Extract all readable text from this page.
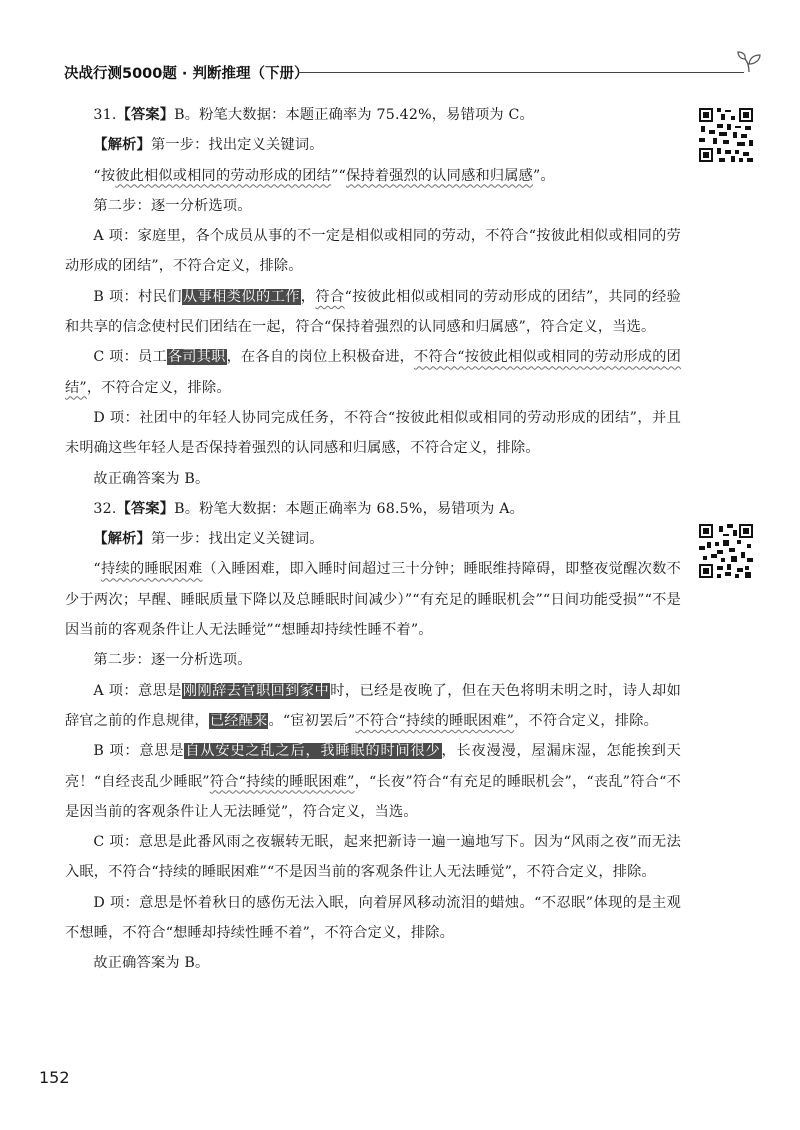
决战行测5000题 · 判断推理（下册）

31.【答案】B。粉笔大数据：本题正确率为 75.42%，易错项为 C。

【解析】第一步：找出定义关键词。

“按彼此相似或相同的劳动形成的团结”“保持着强烈的认同感和归属感”。

第二步：逐一分析选项。

A 项：家庭里，各个成员从事的不一定是相似或相同的劳动，不符合“按彼此相似或相同的劳动形成的团结”，不符合定义，排除。

B 项：村民们从事相类似的工作，符合“按彼此相似或相同的劳动形成的团结”，共同的经验和共享的信念使村民们团结在一起，符合“保持着强烈的认同感和归属感”，符合定义，当选。

C 项：员工各司其职，在各自的岗位上积极奋进，不符合“按彼此相似或相同的劳动形成的团结”，不符合定义，排除。

D 项：社团中的年轻人协同完成任务，不符合“按彼此相似或相同的劳动形成的团结”，并且未明确这些年轻人是否保持着强烈的认同感和归属感，不符合定义，排除。

故正确答案为 B。

32.【答案】B。粉笔大数据：本题正确率为 68.5%，易错项为 A。

【解析】第一步：找出定义关键词。

“持续的睡眠困难（入睡困难，即入睡时间超过三十分钟；睡眠维持障碍，即整夜觉醒次数不少于两次；早醒、睡眠质量下降以及总睡眠时间减少）”“有充足的睡眠机会”“日间功能受损”“不是因当前的客观条件让人无法睡觉”“想睡却持续性睡不着”。

第二步：逐一分析选项。

A 项：意思是刚刚辞去官职回到家中时，已经是夜晚了，但在天色将明未明之时，诗人却如辞官之前的作息规律，已经醒来。“宦初罢后”不符合“持续的睡眠困难”，不符合定义，排除。

B 项：意思是自从安史之乱之后，我睡眠的时间很少，长夜漫漫，屋漏床湿，怎能挨到天亮！“自经丧乱少睡眠”符合“持续的睡眠困难”，“长夜”符合“有充足的睡眠机会”，“丧乱”符合“不是因当前的客观条件让人无法睡觉”，符合定义，当选。

C 项：意思是此番风雨之夜辗转无眠，起来把新诗一遍一遍地写下。因为“风雨之夜”而无法入眠，不符合“持续的睡眠困难”“不是因当前的客观条件让人无法睡觉”，不符合定义，排除。

D 项：意思是怀着秋日的感伤无法入眠，向着屏风移动流泪的蜡烛。“不忍眠”体现的是主观不想睡，不符合“想睡却持续性睡不着”，不符合定义，排除。

故正确答案为 B。

152
